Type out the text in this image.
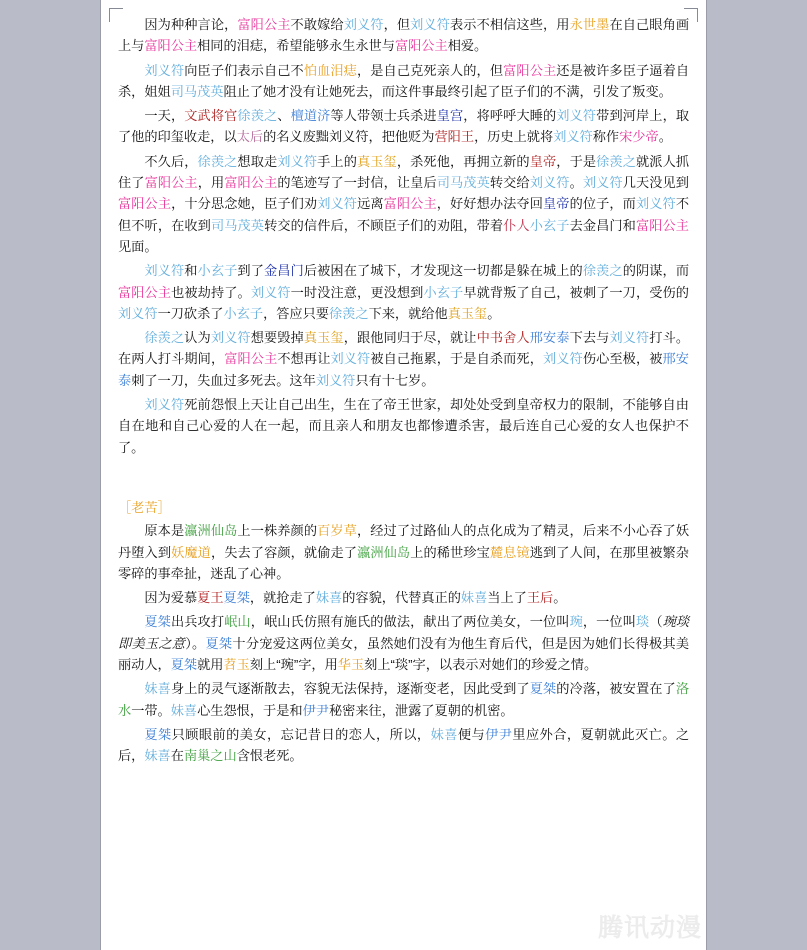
因为种种言论，富阳公主不敢嫁给刘义符，但刘义符表示不相信这些，用永世墨在自己眼角画上与富阳公主相同的泪痣，希望能够永生永世与富阳公主相爱。

刘义符向臣子们表示自己不怕血泪痣，是自己克死亲人的，但富阳公主还是被许多臣子逼着自杀，姐姐司马茂英阻止了她才没有让她死去，而这件事最终引起了臣子们的不满，引发了叛变。

一天，文武将官徐羡之、檀道济等人带领士兵杀进皇宫，将呼呼大睡的刘义符带到河岸上，取了他的印玺收走，以太后的名义废黜刘义符，把他贬为营阳王，历史上就将刘义符称作宋少帝。

不久后，徐羡之想取走刘义符手上的真玉玺，杀死他，再拥立新的皇帝，于是徐羡之就派人抓住了富阳公主，用富阳公主的笔迹写了一封信，让皇后司马茂英转交给刘义符。刘义符几天没见到富阳公主，十分思念她，臣子们劝刘义符远离富阳公主，好好想办法夺回皇帝的位子，而刘义符不但不听，在收到司马茂英转交的信件后，不顾臣子们的劝阻，带着仆人小玄子去金昌门和富阳公主见面。

刘义符和小玄子到了金昌门后被困在了城下，才发现这一切都是躲在城上的徐羡之的阴谋，而富阳公主也被劫持了。刘义符一时没注意，更没想到小玄子早就背叛了自己，被刺了一刀，受伤的刘义符一刀砍杀了小玄子，答应只要徐羡之下来，就给他真玉玺。

徐羡之认为刘义符想要毁掉真玉玺，跟他同归于尽，就让中书舍人邢安泰下去与刘义符打斗。在两人打斗期间，富阳公主不想再让刘义符被自己拖累，于是自杀而死，刘义符伤心至极，被邢安泰刺了一刀，失血过多死去。这年刘义符只有十七岁。

刘义符死前怨恨上天让自己出生，生在了帝王世家，却处处受到皇帝权力的限制，不能够自由自在地和自己心爱的人在一起，而且亲人和朋友也都惨遭杀害，最后连自己心爱的女人也保护不了。

［老苦］

原本是瀛洲仙岛上一株养颜的百岁草，经过了过路仙人的点化成为了精灵，后来不小心吞了妖丹堕入到妖魔道，失去了容颜，就偷走了瀛洲仙岛上的稀世珍宝麓息镜逃到了人间，在那里被繁杂零碎的事牵扯，迷乱了心神。

因为爱慕夏王夏桀，就抢走了妹喜的容貌，代替真正的妹喜当上了王后。

夏桀出兵攻打岷山，岷山氏仿照有施氏的做法，献出了两位美女，一位叫琬，一位叫琰（琬琰即美玉之意）。夏桀十分宠爱这两位美女，虽然她们没有为他生育后代，但是因为她们长得极其美丽动人，夏桀就用苕玉刻上“琬”字，用华玉刻上“琰”字，以表示对她们的珍爱之情。

妹喜身上的灵气逐渐散去，容貌无法保持，逐渐变老，因此受到了夏桀的冷落，被安置在了洛水一带。妹喜心生怨恨，于是和伊尹秘密来往，泄露了夏朝的机密。

夏桀只顾眼前的美女，忘记昔日的恋人，所以，妹喜便与伊尹里应外合，夏朝就此灭亡。之后，妹喜在南巢之山含恨老死。

腾讯动漫
